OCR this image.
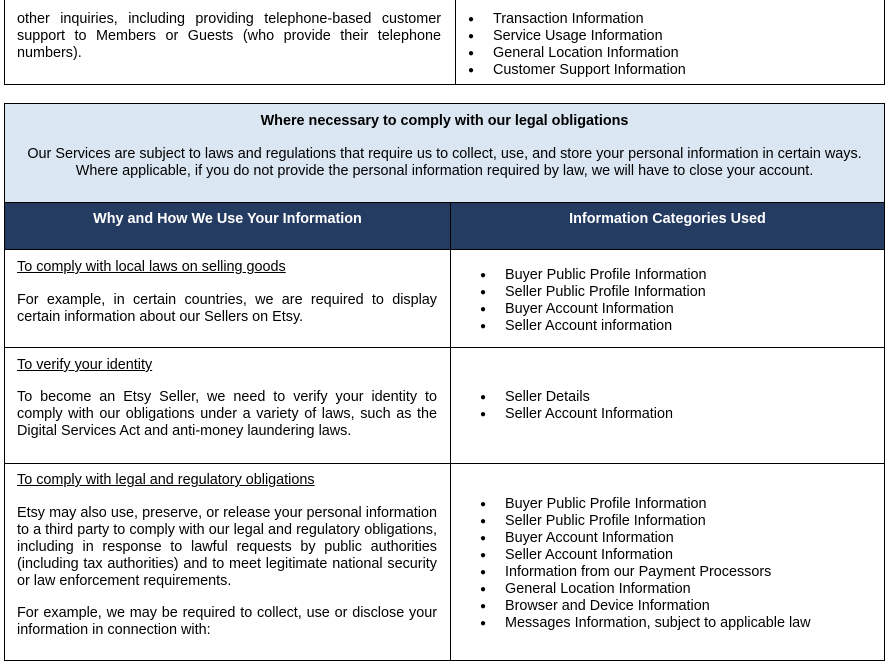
other inquiries, including providing telephone-based customer support to Members or Guests (who provide their telephone numbers).

● Transaction Information
● Service Usage Information
● General Location Information
● Customer Support Information

Where necessary to comply with our legal obligations

Our Services are subject to laws and regulations that require us to collect, use, and store your personal information in certain ways. Where applicable, if you do not provide the personal information required by law, we will have to close your account.

Why and How We Use Your Information	Information Categories Used

To comply with local laws on selling goods

For example, in certain countries, we are required to display certain information about our Sellers on Etsy.

● Buyer Public Profile Information
● Seller Public Profile Information
● Buyer Account Information
● Seller Account information

To verify your identity

To become an Etsy Seller, we need to verify your identity to comply with our obligations under a variety of laws, such as the Digital Services Act and anti-money laundering laws.

● Seller Details
● Seller Account Information

To comply with legal and regulatory obligations

Etsy may also use, preserve, or release your personal information to a third party to comply with our legal and regulatory obligations, including in response to lawful requests by public authorities (including tax authorities) and to meet legitimate national security or law enforcement requirements.

For example, we may be required to collect, use or disclose your information in connection with:

● Buyer Public Profile Information
● Seller Public Profile Information
● Buyer Account Information
● Seller Account Information
● Information from our Payment Processors
● General Location Information
● Browser and Device Information
● Messages Information, subject to applicable law
